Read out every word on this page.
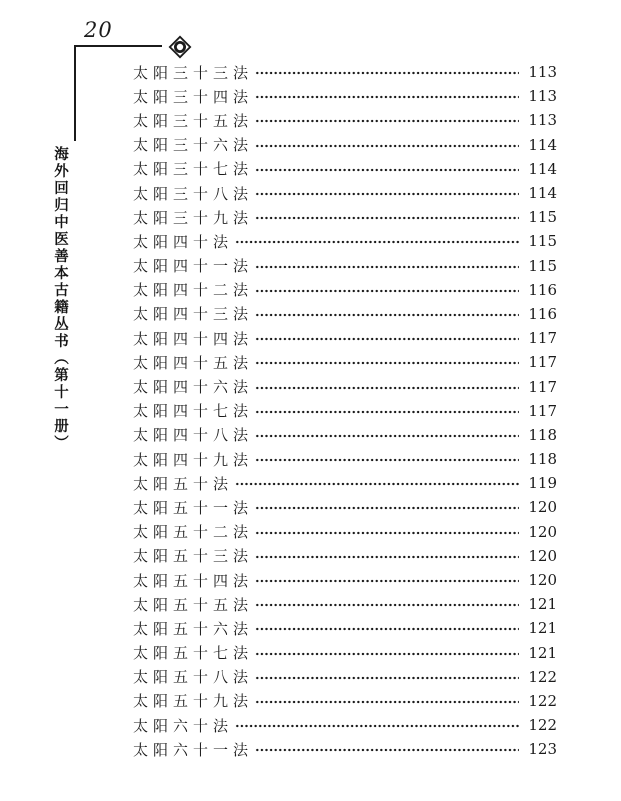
20
海外回归中医善本古籍丛书（第十一册）
太阳三十三法	113
太阳三十四法	113
太阳三十五法	113
太阳三十六法	114
太阳三十七法	114
太阳三十八法	114
太阳三十九法	115
太阳四十法	115
太阳四十一法	115
太阳四十二法	116
太阳四十三法	116
太阳四十四法	117
太阳四十五法	117
太阳四十六法	117
太阳四十七法	117
太阳四十八法	118
太阳四十九法	118
太阳五十法	119
太阳五十一法	120
太阳五十二法	120
太阳五十三法	120
太阳五十四法	120
太阳五十五法	121
太阳五十六法	121
太阳五十七法	121
太阳五十八法	122
太阳五十九法	122
太阳六十法	122
太阳六十一法	123
